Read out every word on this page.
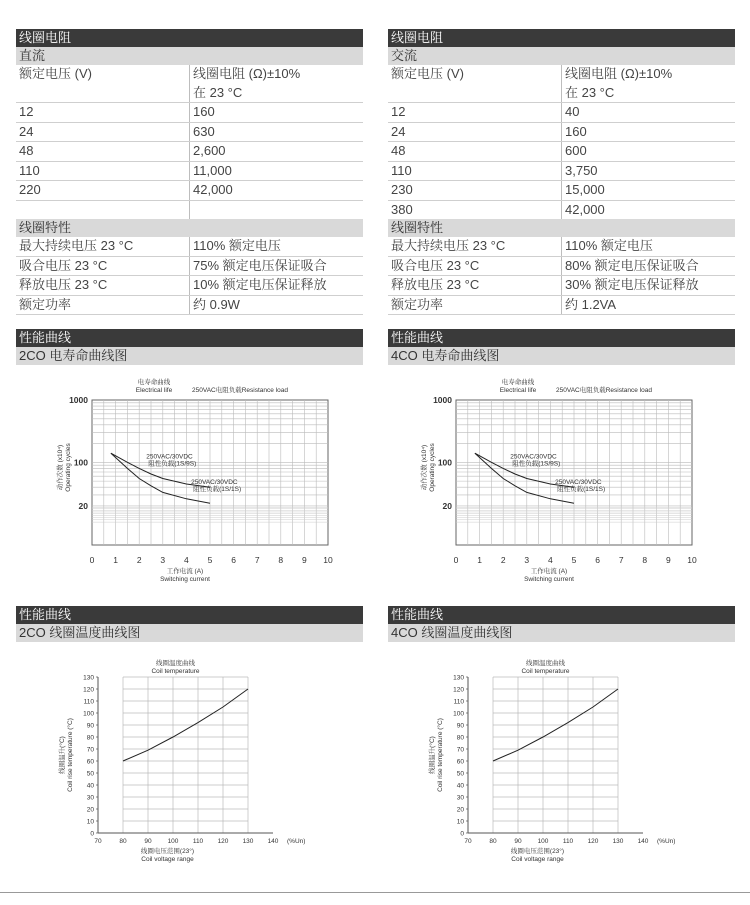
线圈电阻
直流
额定电压 (V)	线圈电阻 (Ω)±10%
	在 23 °C
12	160
24	630
48	2,600
110	11,000
220	42,000

线圈特性
最大持续电压 23 °C	110% 额定电压
吸合电压 23 °C	75% 额定电压保证吸合
释放电压 23 °C	10% 额定电压保证释放
额定功率	约 0.9W
线圈电阻
交流
额定电压 (V)	线圈电阻 (Ω)±10%
	在 23 °C
12	40
24	160
48	600
110	3,750
230	15,000
380	42,000
线圈特性
最大持续电压 23 °C	110% 额定电压
吸合电压 23 °C	80% 额定电压保证吸合
释放电压 23 °C	30% 额定电压保证释放
额定功率	约 1.2VA
性能曲线
2CO 电寿命曲线图
性能曲线
4CO 电寿命曲线图
性能曲线
2CO 线圈温度曲线图
性能曲线
4CO 线圈温度曲线图
0 1 2 3 4 5 6 7 8 9 10
20
100
1000
电寿命曲线
Electrical life	250VAC电阻负载Resistance load
工作电流 (A)
Switching current
动作次数 (x10⁴) Operating cycles	250VAC/30VDC
阻性负载(1S/9S)
250VAC/30VDC
阻性负载(1S/1S)
0 1 2 3 4 5 6 7 8 9 10
20
100
1000
电寿命曲线
Electrical life	250VAC电阻负载Resistance load
工作电流 (A)
Switching current
动作次数 (x10⁴) Operating cycles	250VAC/30VDC
阻性负载(1S/9S)
250VAC/30VDC
阻性负载(1S/1S)
0
10
20
30
40
50
60
70
80
90
100
110
120
130
70	80	90 100 110 120 130 140 (%Un)
线圈温度曲线
Coil temperature
线圈电压范围(23°)
Coil voltage range
线圈温升(°C) Coil rise temperature (°C)
0
10
20
30
40
50
60
70
80
90
100
110
120
130
70	80	90 100 110 120 130 140 (%Un)
线圈温度曲线
Coil temperature
线圈电压范围(23°)
Coil voltage range
线圈温升(°C) Coil rise temperature (°C)
